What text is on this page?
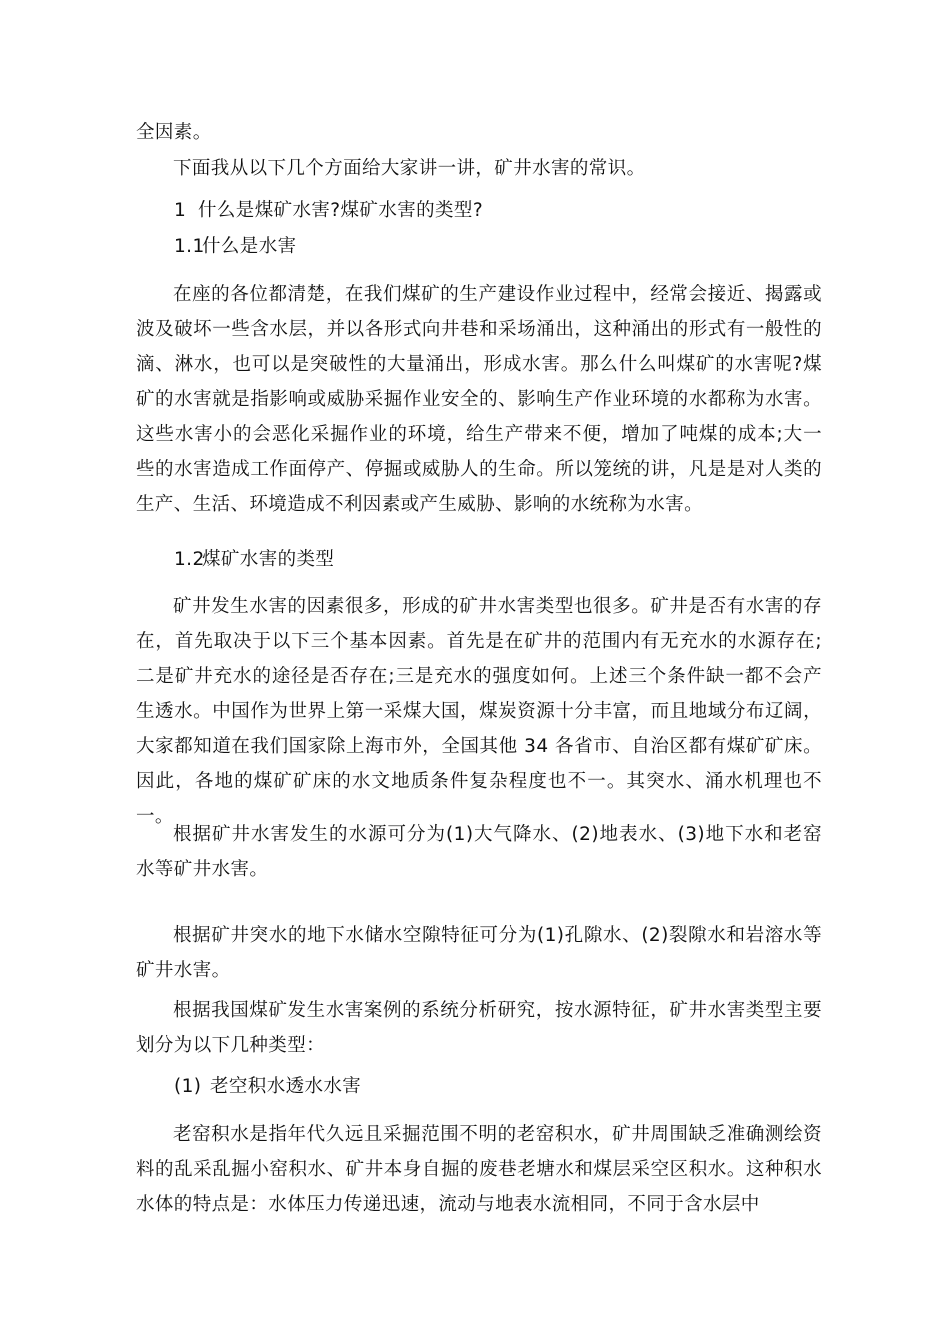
全因素。

下面我从以下几个方面给大家讲一讲，矿井水害的常识。

1 什么是煤矿水害?煤矿水害的类型?

1.1什么是水害

在座的各位都清楚，在我们煤矿的生产建设作业过程中，经常会接近、揭露或波及破坏一些含水层，并以各形式向井巷和采场涌出，这种涌出的形式有一般性的滴、淋水，也可以是突破性的大量涌出，形成水害。那么什么叫煤矿的水害呢?煤矿的水害就是指影响或威胁采掘作业安全的、影响生产作业环境的水都称为水害。这些水害小的会恶化采掘作业的环境，给生产带来不便，增加了吨煤的成本;大一些的水害造成工作面停产、停掘或威胁人的生命。所以笼统的讲，凡是是对人类的生产、生活、环境造成不利因素或产生威胁、影响的水统称为水害。

1.2煤矿水害的类型

矿井发生水害的因素很多，形成的矿井水害类型也很多。矿井是否有水害的存在，首先取决于以下三个基本因素。首先是在矿井的范围内有无充水的水源存在;二是矿井充水的途径是否存在;三是充水的强度如何。上述三个条件缺一都不会产生透水。中国作为世界上第一采煤大国，煤炭资源十分丰富，而且地域分布辽阔，大家都知道在我们国家除上海市外，全国其他 34 各省市、自治区都有煤矿矿床。因此，各地的煤矿矿床的水文地质条件复杂程度也不一。其突水、涌水机理也不一。

根据矿井水害发生的水源可分为(1)大气降水、(2)地表水、(3)地下水和老窑水等矿井水害。

根据矿井突水的地下水储水空隙特征可分为(1)孔隙水、(2)裂隙水和岩溶水等矿井水害。

根据我国煤矿发生水害案例的系统分析研究，按水源特征，矿井水害类型主要划分为以下几种类型：

(1) 老空积水透水水害

老窑积水是指年代久远且采掘范围不明的老窑积水，矿井周围缺乏准确测绘资料的乱采乱掘小窑积水、矿井本身自掘的废巷老塘水和煤层采空区积水。这种积水水体的特点是：水体压力传递迅速，流动与地表水流相同，不同于含水层中
